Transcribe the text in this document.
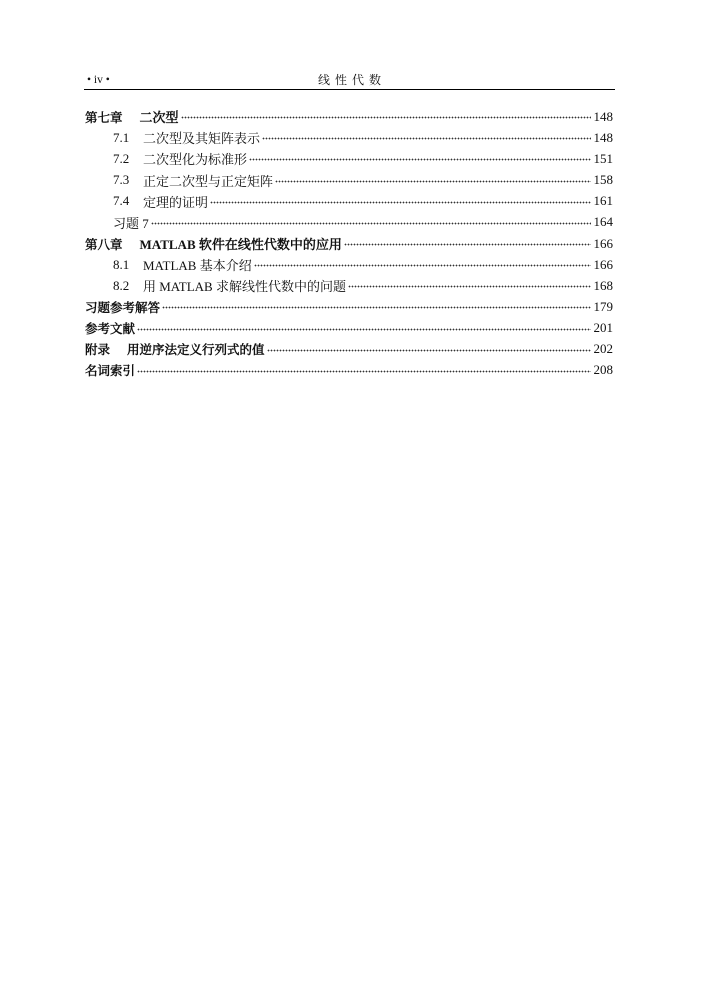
• iv •	线 性 代 数
第七章 二次型	148
7.1	二次型及其矩阵表示	148
7.2	二次型化为标准形	151
7.3	正定二次型与正定矩阵	158
7.4	定理的证明	161
习题 7	164
第八章 MATLAB 软件在线性代数中的应用	166
8.1	MATLAB 基本介绍	166
8.2	用 MATLAB 求解线性代数中的问题	168
习题参考解答	179
参考文献	201
附录 用逆序法定义行列式的值	202
名词索引	208
